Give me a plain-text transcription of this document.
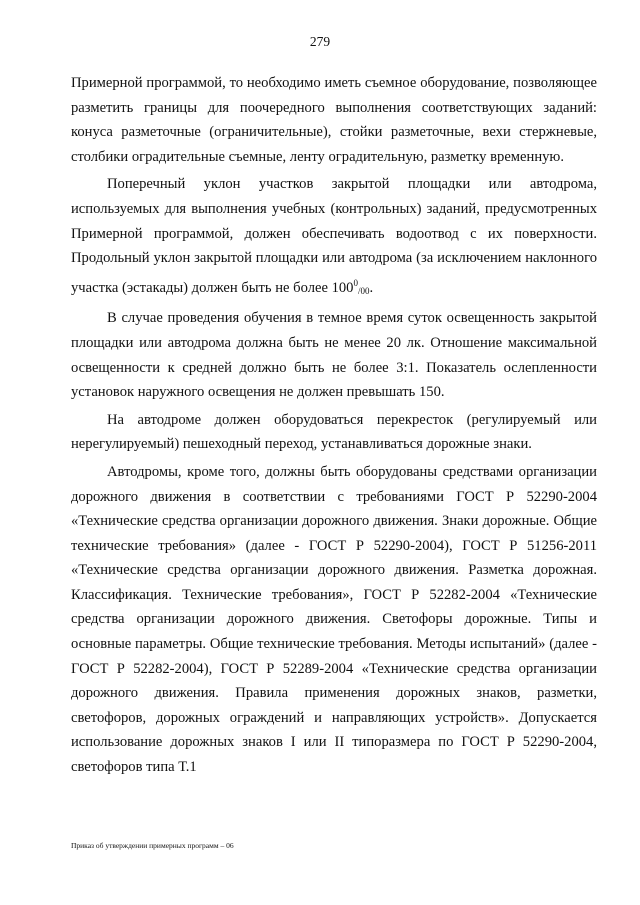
279

Примерной программой, то необходимо иметь съемное оборудование, позволяющее разметить границы для поочередного выполнения соответствующих заданий: конуса разметочные (ограничительные), стойки разметочные, вехи стержневые, столбики оградительные съемные, ленту оградительную, разметку временную.

Поперечный уклон участков закрытой площадки или автодрома, используемых для выполнения учебных (контрольных) заданий, предусмотренных Примерной программой, должен обеспечивать водоотвод с их поверхности. Продольный уклон закрытой площадки или автодрома (за исключением наклонного участка (эстакады) должен быть не более $100^0_{/00}$.

В случае проведения обучения в темное время суток освещенность закрытой площадки или автодрома должна быть не менее 20 лк. Отношение максимальной освещенности к средней должно быть не более 3:1. Показатель ослепленности установок наружного освещения не должен превышать 150.

На автодроме должен оборудоваться перекресток (регулируемый или нерегулируемый) пешеходный переход, устанавливаться дорожные знаки.

Автодромы, кроме того, должны быть оборудованы средствами организации дорожного движения в соответствии с требованиями ГОСТ Р 52290-2004 «Технические средства организации дорожного движения. Знаки дорожные. Общие технические требования» (далее - ГОСТ Р 52290-2004), ГОСТ Р 51256-2011 «Технические средства организации дорожного движения. Разметка дорожная. Классификация. Технические требования», ГОСТ Р 52282-2004 «Технические средства организации дорожного движения. Светофоры дорожные. Типы и основные параметры. Общие технические требования. Методы испытаний» (далее - ГОСТ Р 52282-2004), ГОСТ Р 52289-2004 «Технические средства организации дорожного движения. Правила применения дорожных знаков, разметки, светофоров, дорожных ограждений и направляющих устройств». Допускается использование дорожных знаков I или II типоразмера по ГОСТ Р 52290-2004, светофоров типа Т.1

Приказ об утверждении примерных программ – 06
